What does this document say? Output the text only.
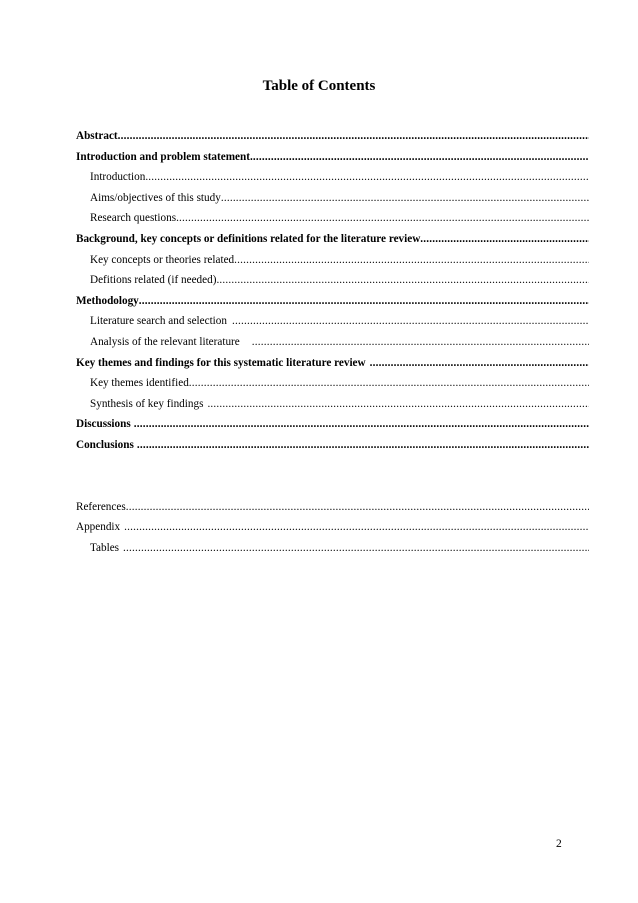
Table of Contents
Abstract
.....
Introduction and problem statement
.....
Introduction
.....
Aims/objectives of this study
.....
Research questions
.....
Background, key concepts or definitions related for the literature review
.....
Key concepts or theories related
.....
Defitions related (if needed)
.....
Methodology
.....
Literature search and selection
.....
Analysis of the relevant literature
.....
Key themes and findings for this systematic literature review
.....
Key themes identified
.....
Synthesis of key findings
.....
Discussions
.....
Conclusions
.....
References
.....
Appendix
.....
Tables
.....
2
